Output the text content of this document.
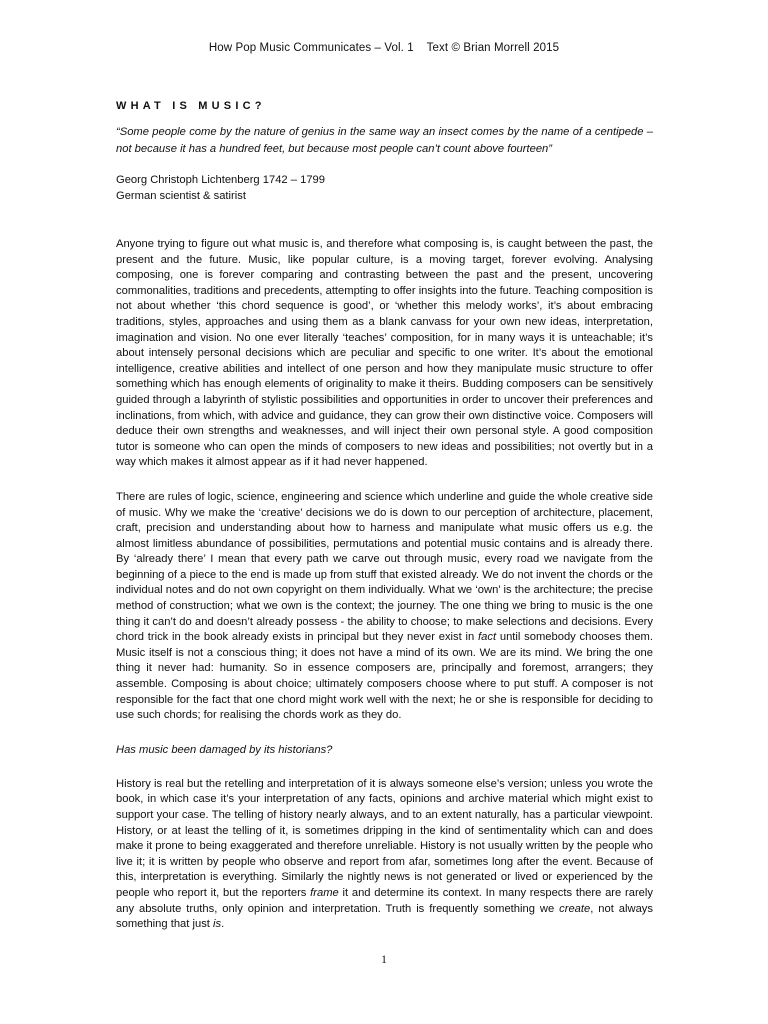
How Pop Music Communicates – Vol. 1    Text © Brian Morrell 2015
WHAT IS MUSIC?

“Some people come by the nature of genius in the same way an insect comes by the name of a centipede – not because it has a hundred feet, but because most people can’t count above fourteen”

Georg Christoph Lichtenberg 1742 – 1799

German scientist & satirist

Anyone trying to figure out what music is, and therefore what composing is, is caught between the past, the present and the future. Music, like popular culture, is a moving target, forever evolving. Analysing composing, one is forever comparing and contrasting between the past and the present, uncovering commonalities, traditions and precedents, attempting to offer insights into the future. Teaching composition is not about whether ‘this chord sequence is good’, or ‘whether this melody works’, it’s about embracing traditions, styles, approaches and using them as a blank canvass for your own new ideas, interpretation, imagination and vision. No one ever literally ‘teaches’ composition, for in many ways it is unteachable; it’s about intensely personal decisions which are peculiar and specific to one writer. It’s about the emotional intelligence, creative abilities and intellect of one person and how they manipulate music structure to offer something which has enough elements of originality to make it theirs. Budding composers can be sensitively guided through a labyrinth of stylistic possibilities and opportunities in order to uncover their preferences and inclinations, from which, with advice and guidance, they can grow their own distinctive voice. Composers will deduce their own strengths and weaknesses, and will inject their own personal style. A good composition tutor is someone who can open the minds of composers to new ideas and possibilities; not overtly but in a way which makes it almost appear as if it had never happened.

There are rules of logic, science, engineering and science which underline and guide the whole creative side of music. Why we make the ‘creative’ decisions we do is down to our perception of architecture, placement, craft, precision and understanding about how to harness and manipulate what music offers us e.g. the almost limitless abundance of possibilities, permutations and potential music contains and is already there. By ‘already there’ I mean that every path we carve out through music, every road we navigate from the beginning of a piece to the end is made up from stuff that existed already. We do not invent the chords or the individual notes and do not own copyright on them individually. What we ‘own’ is the architecture; the precise method of construction; what we own is the context; the journey. The one thing we bring to music is the one thing it can’t do and doesn’t already possess - the ability to choose; to make selections and decisions. Every chord trick in the book already exists in principal but they never exist in fact until somebody chooses them. Music itself is not a conscious thing; it does not have a mind of its own. We are its mind. We bring the one thing it never had: humanity. So in essence composers are, principally and foremost, arrangers; they assemble. Composing is about choice; ultimately composers choose where to put stuff. A composer is not responsible for the fact that one chord might work well with the next; he or she is responsible for deciding to use such chords; for realising the chords work as they do.

Has music been damaged by its historians?

History is real but the retelling and interpretation of it is always someone else’s version; unless you wrote the book, in which case it’s your interpretation of any facts, opinions and archive material which might exist to support your case. The telling of history nearly always, and to an extent naturally, has a particular viewpoint. History, or at least the telling of it, is sometimes dripping in the kind of sentimentality which can and does make it prone to being exaggerated and therefore unreliable. History is not usually written by the people who live it; it is written by people who observe and report from afar, sometimes long after the event. Because of this, interpretation is everything. Similarly the nightly news is not generated or lived or experienced by the people who report it, but the reporters frame it and determine its context. In many respects there are rarely any absolute truths, only opinion and interpretation. Truth is frequently something we create, not always something that just is.

1
